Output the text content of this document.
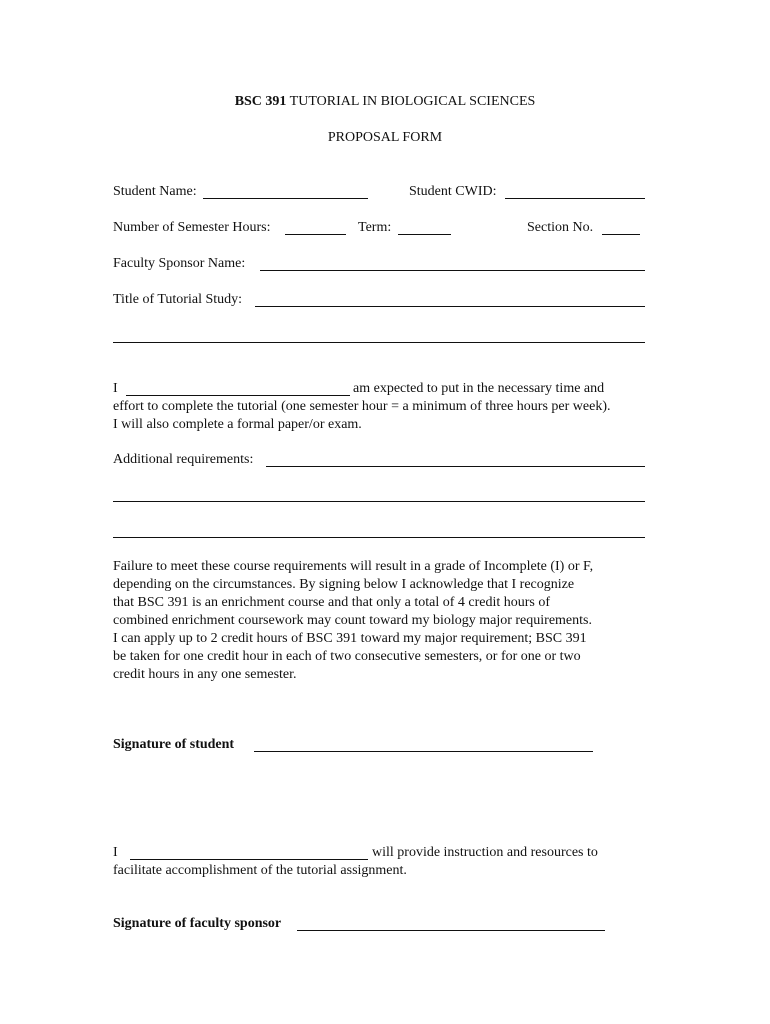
BSC 391 TUTORIAL IN BIOLOGICAL SCIENCES
PROPOSAL FORM
Student Name:	Student CWID:
Number of Semester Hours:	Term:	Section No.
Faculty Sponsor Name:
Title of Tutorial Study:
I	am expected to put in the necessary time and
effort to complete the tutorial (one semester hour = a minimum of three hours per week).
I will also complete a formal paper/or exam.
Additional requirements:
Failure to meet these course requirements will result in a grade of Incomplete (I) or F,
depending on the circumstances. By signing below I acknowledge that I recognize
that BSC 391 is an enrichment course and that only a total of 4 credit hours of
combined enrichment coursework may count toward my biology major requirements.
I can apply up to 2 credit hours of BSC 391 toward my major requirement; BSC 391
be taken for one credit hour in each of two consecutive semesters, or for one or two
credit hours in any one semester.
Signature of student
I	will provide instruction and resources to
facilitate accomplishment of the tutorial assignment.
Signature of faculty sponsor
